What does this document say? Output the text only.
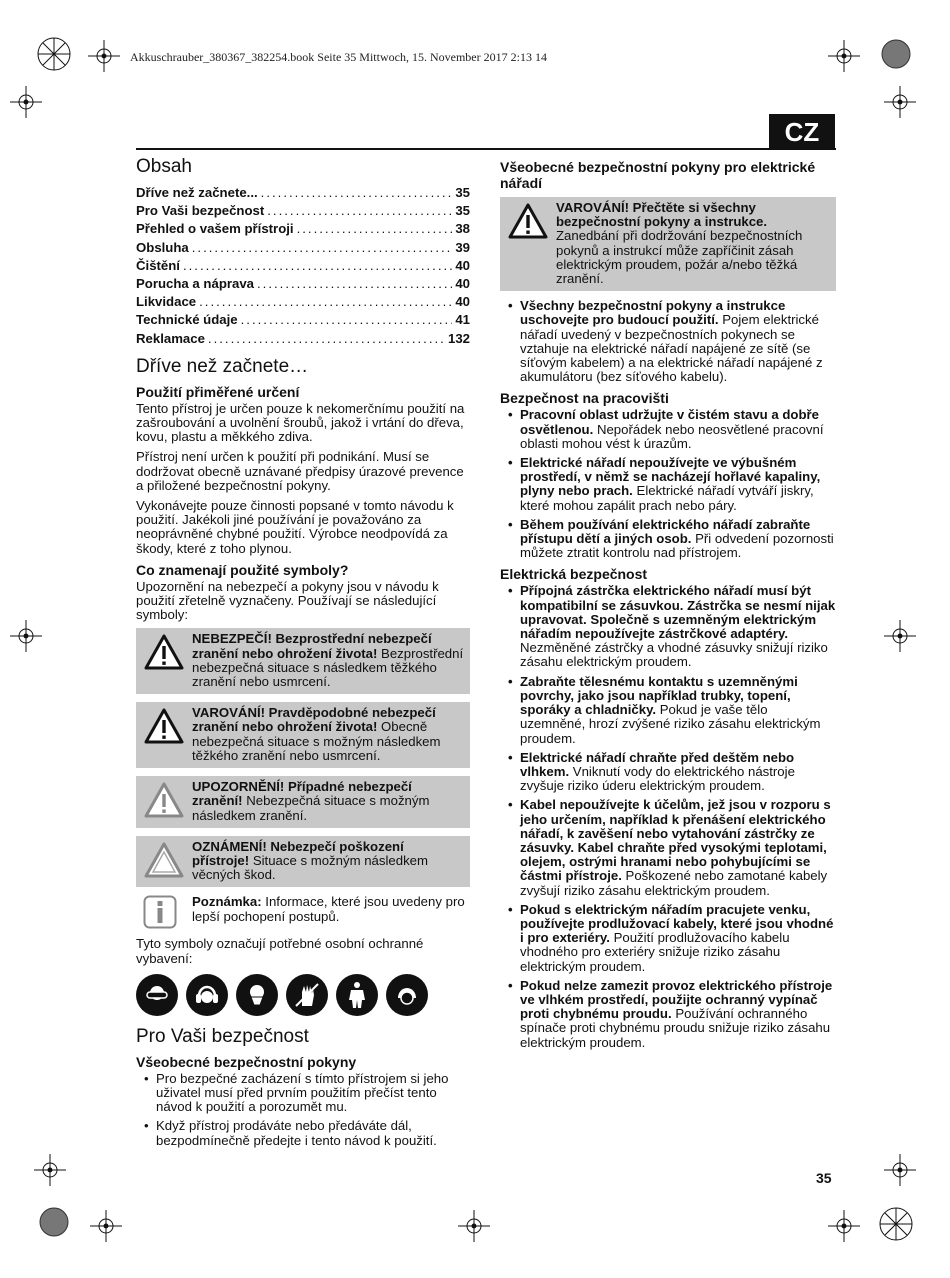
Akkuschrauber_380367_382254.book Seite 35 Mittwoch, 15. November 2017 2:13 14
CZ
Obsah
Dříve než začnete... .....	35
Pro Vaši bezpečnost .....	35
Přehled o vašem přístroji .....	38
Obsluha .....	39
Čištění .....	40
Porucha a náprava .....	40
Likvidace .....	40
Technické údaje .....	41
Reklamace .....	132
Dříve než začnete…
Použití přiměřené určení

Tento přístroj je určen pouze k nekomerčnímu použití na zašroubování a uvolnění šroubů, jakož i vrtání do dřeva, kovu, plastu a měkkého zdiva.

Přístroj není určen k použití při podnikání. Musí se dodržovat obecně uznávané předpisy úrazové prevence a přiložené bezpečnostní pokyny.

Vykonávejte pouze činnosti popsané v tomto návodu k použití. Jakékoli jiné používání je považováno za neoprávněné chybné použití. Výrobce neodpovídá za škody, které z toho plynou.

Co znamenají použité symboly?

Upozornění na nebezpečí a pokyny jsou v návodu k použití zřetelně vyznačeny. Používají se následující symboly:

NEBEZPEČÍ! Bezprostřední nebezpečí zranění nebo ohrožení života! Bezprostřední nebezpečná situace s následkem těžkého zranění nebo usmrcení.
VAROVÁNÍ! Pravděpodobné nebezpečí zranění nebo ohrožení života! Obecně nebezpečná situace s možným následkem těžkého zranění nebo usmrcení.
UPOZORNĚNÍ! Případné nebezpečí zranění! Nebezpečná situace s možným následkem zranění.
OZNÁMENÍ! Nebezpečí poškození přístroje! Situace s možným následkem věcných škod.
Poznámka: Informace, které jsou uvedeny pro lepší pochopení postupů.

Tyto symboly označují potřebné osobní ochranné vybavení:

Pro Vaši bezpečnost
Všeobecné bezpečnostní pokyny
• Pro bezpečné zacházení s tímto přístrojem si jeho uživatel musí před prvním použitím přečíst tento návod k použití a porozumět mu.
• Když přístroj prodáváte nebo předáváte dál, bezpodmínečně předejte i tento návod k použití.
Všeobecné bezpečnostní pokyny pro elektrické nářadí
VAROVÁNÍ! Přečtěte si všechny bezpečnostní pokyny a instrukce. Zanedbání při dodržování bezpečnostních pokynů a instrukcí může zapříčinit zásah elektrickým proudem, požár a/nebo těžká zranění.
• Všechny bezpečnostní pokyny a instrukce uschovejte pro budoucí použití. Pojem elektrické nářadí uvedený v bezpečnostních pokynech se vztahuje na elektrické nářadí napájené ze sítě (se síťovým kabelem) a na elektrické nářadí napájené z akumulátoru (bez síťového kabelu).
Bezpečnost na pracovišti
• Pracovní oblast udržujte v čistém stavu a dobře osvětlenou. Nepořádek nebo neosvětlené pracovní oblasti mohou vést k úrazům.
• Elektrické nářadí nepoužívejte ve výbušném prostředí, v němž se nacházejí hořlavé kapaliny, plyny nebo prach. Elektrické nářadí vytváří jiskry, které mohou zapálit prach nebo páry.
• Během používání elektrického nářadí zabraňte přístupu dětí a jiných osob. Při odvedení pozornosti můžete ztratit kontrolu nad přístrojem.
Elektrická bezpečnost
• Přípojná zástrčka elektrického nářadí musí být kompatibilní se zásuvkou. Zástrčka se nesmí nijak upravovat. Společně s uzemněným elektrickým nářadím nepoužívejte zástrčkové adaptéry. Nezměněné zástrčky a vhodné zásuvky snižují riziko zásahu elektrickým proudem.
• Zabraňte tělesnému kontaktu s uzemněnými povrchy, jako jsou například trubky, topení, sporáky a chladničky. Pokud je vaše tělo uzemněné, hrozí zvýšené riziko zásahu elektrickým proudem.
• Elektrické nářadí chraňte před deštěm nebo vlhkem. Vniknutí vody do elektrického nástroje zvyšuje riziko úderu elektrickým proudem.
• Kabel nepoužívejte k účelům, jež jsou v rozporu s jeho určením, například k přenášení elektrického nářadí, k zavěšení nebo vytahování zástrčky ze zásuvky. Kabel chraňte před vysokými teplotami, olejem, ostrými hranami nebo pohybujícími se částmi přístroje. Poškozené nebo zamotané kabely zvyšují riziko zásahu elektrickým proudem.
• Pokud s elektrickým nářadím pracujete venku, používejte prodlužovací kabely, které jsou vhodné i pro exteriéry. Použití prodlužovacího kabelu vhodného pro exteriéry snižuje riziko zásahu elektrickým proudem.
• Pokud nelze zamezit provoz elektrického přístroje ve vlhkém prostředí, použijte ochranný vypínač proti chybnému proudu. Používání ochranného spínače proti chybnému proudu snižuje riziko zásahu elektrickým proudem.
35
